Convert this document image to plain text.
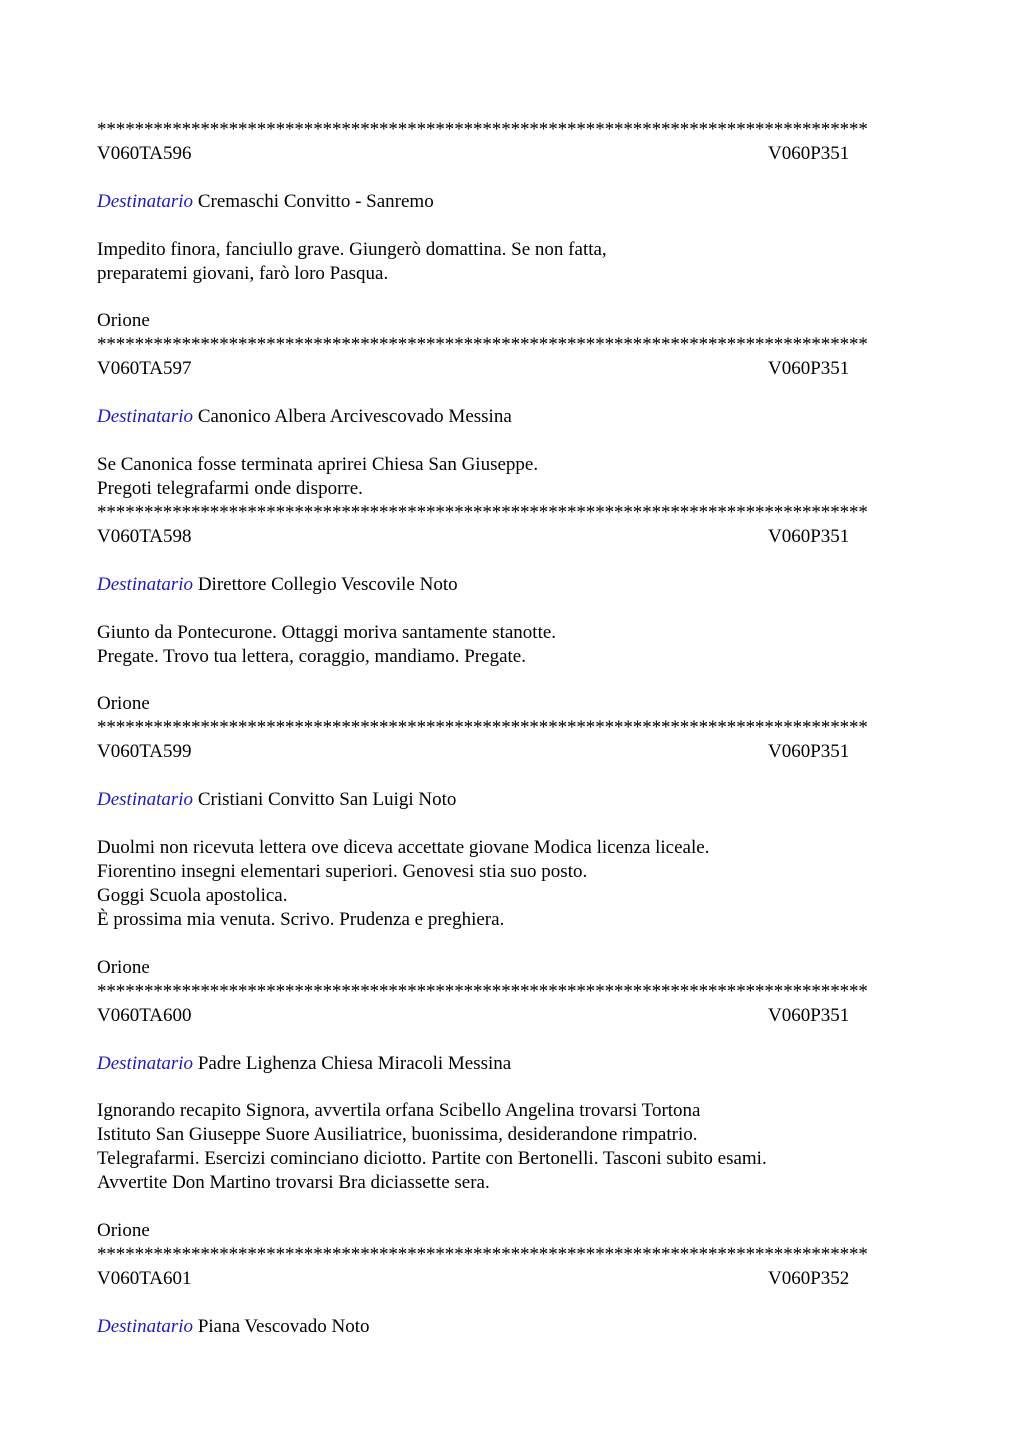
**********************************************************************************
V060TA596	V060P351
Destinatario Cremaschi Convitto - Sanremo
Impedito finora, fanciullo grave. Giungerò domattina. Se non fatta,
preparatemi giovani, farò loro Pasqua.
Orione
**********************************************************************************
V060TA597	V060P351
Destinatario Canonico Albera Arcivescovado Messina
Se Canonica fosse terminata aprirei Chiesa San Giuseppe.
Pregoti telegrafarmi onde disporre.
**********************************************************************************
V060TA598	V060P351
Destinatario Direttore Collegio Vescovile Noto
Giunto da Pontecurone. Ottaggi moriva santamente stanotte.
Pregate. Trovo tua lettera, coraggio, mandiamo. Pregate.
Orione
**********************************************************************************
V060TA599	V060P351
Destinatario Cristiani Convitto San Luigi Noto
Duolmi non ricevuta lettera ove diceva accettate giovane Modica licenza liceale.
Fiorentino insegni elementari superiori. Genovesi stia suo posto.
Goggi Scuola apostolica.
È prossima mia venuta. Scrivo. Prudenza e preghiera.
Orione
**********************************************************************************
V060TA600	V060P351
Destinatario Padre Lighenza Chiesa Miracoli Messina
Ignorando recapito Signora, avvertila orfana Scibello Angelina trovarsi Tortona
Istituto San Giuseppe Suore Ausiliatrice, buonissima, desiderandone rimpatrio.
Telegrafarmi. Esercizi cominciano diciotto. Partite con Bertonelli. Tasconi subito esami.
Avvertite Don Martino trovarsi Bra diciassette sera.
Orione
**********************************************************************************
V060TA601	V060P352
Destinatario Piana Vescovado Noto
